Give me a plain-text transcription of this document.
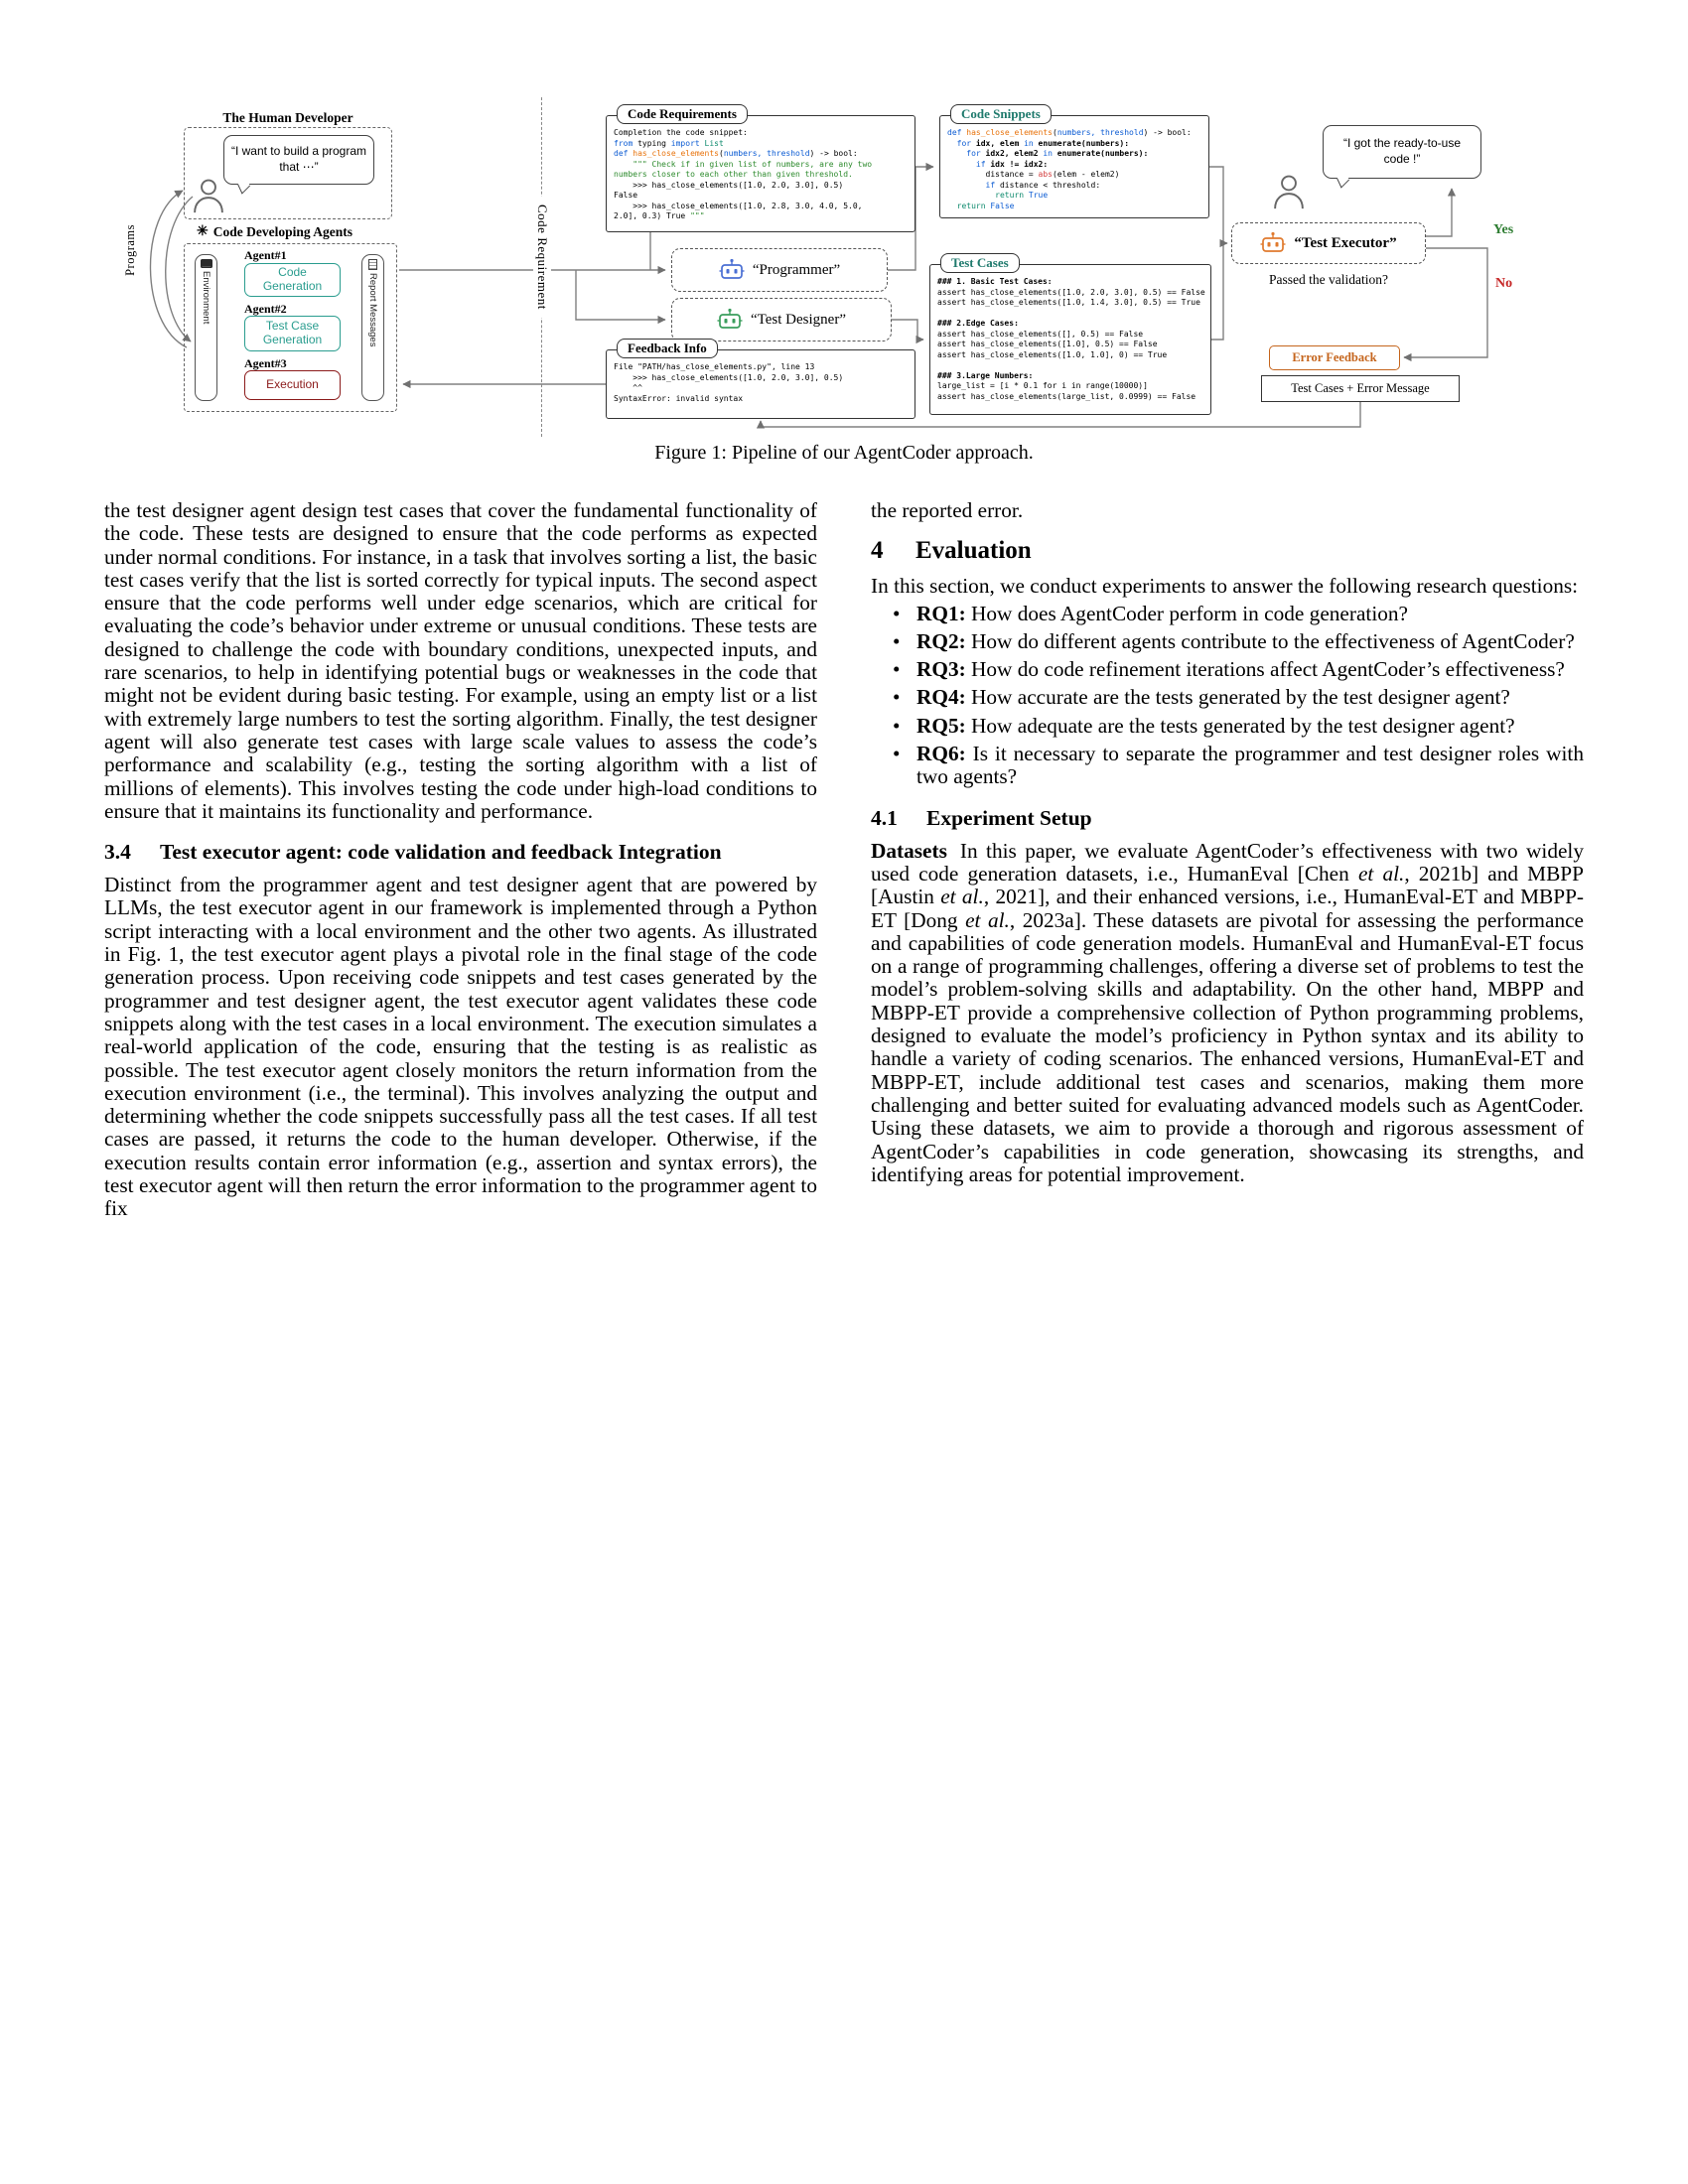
Programs
The Human Developer
“I want to build a program that ⋯”
✳ Code Developing Agents
Environment
Agent#1
Code Generation
Agent#2
Test Case Generation
Agent#3
Execution
Report Messages
Code Requirement
Code Requirements
Completion the code snippet:
from typing import List
def has_close_elements(numbers, threshold) -> bool:
""" Check if in given list of numbers, are any two
numbers closer to each other than given threshold.
>>> has_close_elements([1.0, 2.0, 3.0], 0.5)
False
>>> has_close_elements([1.0, 2.8, 3.0, 4.0, 5.0,
2.0], 0.3) True """
“Programmer”
“Test Designer”
Feedback Info
File "PATH/has_close_elements.py", line 13
>>> has_close_elements([1.0, 2.0, 3.0], 0.5)
^^
SyntaxError: invalid syntax
Code Snippets
def has_close_elements(numbers, threshold) -> bool:
for idx, elem in enumerate(numbers):
for idx2, elem2 in enumerate(numbers):
if idx != idx2:
distance = abs(elem - elem2)
if distance < threshold:
return True
return False
Test Cases
### 1. Basic Test Cases:
assert has_close_elements([1.0, 2.0, 3.0], 0.5) == False
assert has_close_elements([1.0, 1.4, 3.0], 0.5) == True

### 2.Edge Cases:
assert has_close_elements([], 0.5) == False
assert has_close_elements([1.0], 0.5) == False
assert has_close_elements([1.0, 1.0], 0) == True

### 3.Large Numbers:
large_list = [i * 0.1 for i in range(10000)]
assert has_close_elements(large_list, 0.0999) == False
“I got the ready-to-use code !”
“Test Executor”
Passed the validation?
Yes
No
Error Feedback
Test Cases + Error Message
Figure 1: Pipeline of our AgentCoder approach.

the test designer agent design test cases that cover the fundamental functionality of the code. These tests are designed to ensure that the code performs as expected under normal conditions. For instance, in a task that involves sorting a list, the basic test cases verify that the list is sorted correctly for typical inputs. The second aspect ensure that the code performs well under edge scenarios, which are critical for evaluating the code’s behavior under extreme or unusual conditions. These tests are designed to challenge the code with boundary conditions, unexpected inputs, and rare scenarios, to help in identifying potential bugs or weaknesses in the code that might not be evident during basic testing. For example, using an empty list or a list with extremely large numbers to test the sorting algorithm. Finally, the test designer agent will also generate test cases with large scale values to assess the code’s performance and scalability (e.g., testing the sorting algorithm with a list of millions of elements). This involves testing the code under high-load conditions to ensure that it maintains its functionality and performance.

3.4	Test executor agent: code validation and feedback Integration

Distinct from the programmer agent and test designer agent that are powered by LLMs, the test executor agent in our framework is implemented through a Python script interacting with a local environment and the other two agents. As illustrated in Fig. 1, the test executor agent plays a pivotal role in the final stage of the code generation process. Upon receiving code snippets and test cases generated by the programmer and test designer agent, the test executor agent validates these code snippets along with the test cases in a local environment. The execution simulates a real-world application of the code, ensuring that the testing is as realistic as possible. The test executor agent closely monitors the return information from the execution environment (i.e., the terminal). This involves analyzing the output and determining whether the code snippets successfully pass all the test cases. If all test cases are passed, it returns the code to the human developer. Otherwise, if the execution results contain error information (e.g., assertion and syntax errors), the test executor agent will then return the error information to the programmer agent to fix

the reported error.

4	Evaluation

In this section, we conduct experiments to answer the following research questions:

• RQ1: How does AgentCoder perform in code generation?
• RQ2: How do different agents contribute to the effectiveness of AgentCoder?
• RQ3: How do code refinement iterations affect AgentCoder’s effectiveness?
• RQ4: How accurate are the tests generated by the test designer agent?
• RQ5: How adequate are the tests generated by the test designer agent?
• RQ6: Is it necessary to separate the programmer and test designer roles with two agents?
4.1	Experiment Setup

Datasets In this paper, we evaluate AgentCoder’s effectiveness with two widely used code generation datasets, i.e., HumanEval [Chen et al., 2021b] and MBPP [Austin et al., 2021], and their enhanced versions, i.e., HumanEval-ET and MBPP-ET [Dong et al., 2023a]. These datasets are pivotal for assessing the performance and capabilities of code generation models. HumanEval and HumanEval-ET focus on a range of programming challenges, offering a diverse set of problems to test the model’s problem-solving skills and adaptability. On the other hand, MBPP and MBPP-ET provide a comprehensive collection of Python programming problems, designed to evaluate the model’s proficiency in Python syntax and its ability to handle a variety of coding scenarios. The enhanced versions, HumanEval-ET and MBPP-ET, include additional test cases and scenarios, making them more challenging and better suited for evaluating advanced models such as AgentCoder. Using these datasets, we aim to provide a thorough and rigorous assessment of AgentCoder’s capabilities in code generation, showcasing its strengths, and identifying areas for potential improvement.
